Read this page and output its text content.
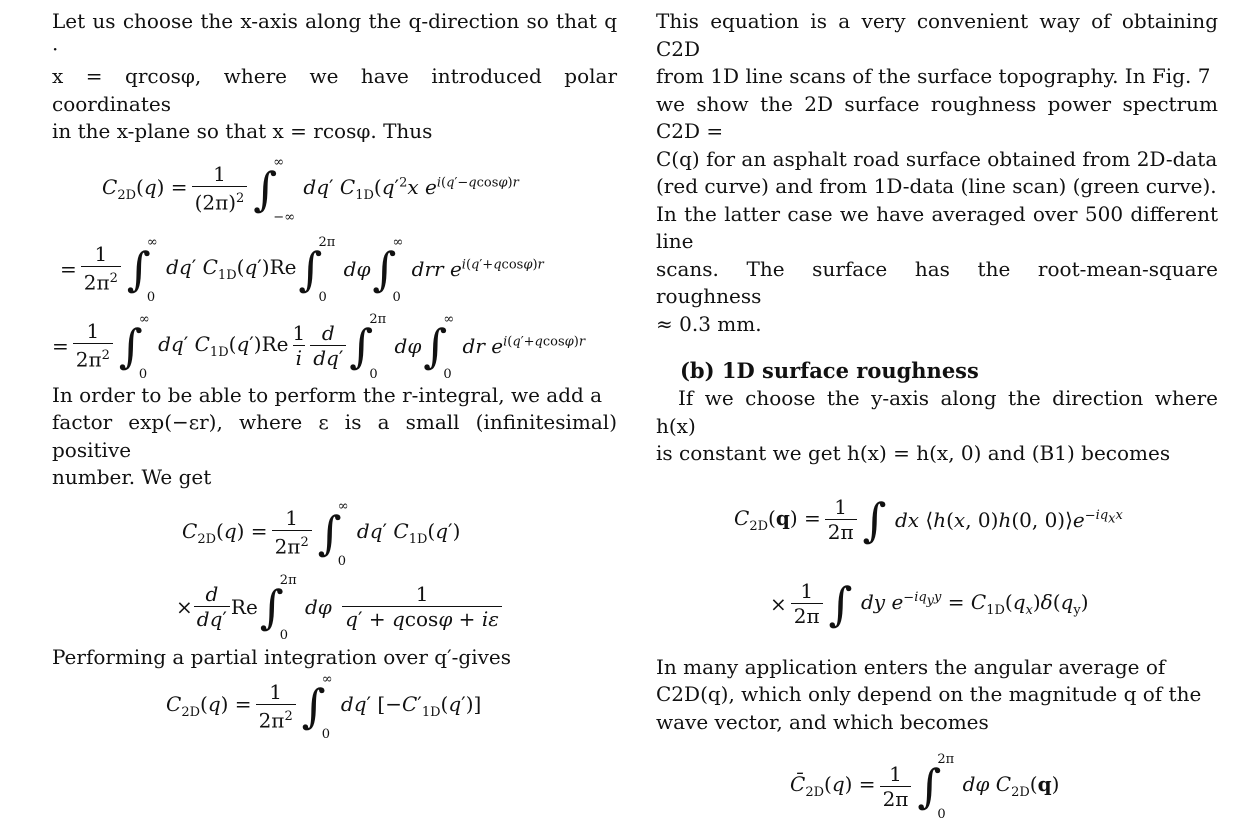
Let us choose the x-axis along the q-direction so that q ·
x = qrcosφ, where we have introduced polar coordinates
in the x-plane so that x = rcosφ. Thus

$C_{2D}(q) = \frac{1}{(2\pi)^2}$ ∫
∞
−∞
dq′ $C_{1D}(q'^2x$ $e^{i(q'-qcos\varphi)r}$
= $\frac{1}{2\pi^2}$ ∫
∞
0
dq′ $C_{1D}(q')Re$ ∫
2π
0
dφ ∫
∞
0
drr $e^{i(q'+qcos\varphi)r}$
= $\frac{1}{2\pi^2}$ ∫
∞
0
dq′ $C_{1D}(q')Re \frac{1}{i} \frac{d}{dq'}$ ∫
2π
0
dφ ∫
∞
0
dr $e^{i(q'+qcos\varphi)r}$

In order to be able to perform the r-integral, we add a
factor exp(−εr), where ε is a small (infinitesimal) positive
number. We get

$C_{2D}(q) = \frac{1}{2\pi^2}$ ∫
∞
0
dq′ $C_{1D}(q')$
× $\frac{d}{dq'}$ Re ∫
2π
0
dφ $\frac{1}{q' + qcos\varphi + i\varepsilon}$

Performing a partial integration over q′-gives

$C_{2D}(q) = \frac{1}{2\pi^2}$ ∫
∞
0
dq′ $[-C'_{1D}(q')]$

This equation is a very convenient way of obtaining C2D
from 1D line scans of the surface topography. In Fig. 7
we show the 2D surface roughness power spectrum C2D =
C(q) for an asphalt road surface obtained from 2D-data
(red curve) and from 1D-data (line scan) (green curve).
In the latter case we have averaged over 500 different line
scans. The surface has the root-mean-square roughness
≈ 0.3 mm.

(b) 1D surface roughness

If we choose the y-axis along the direction where h(x)
is constant we get h(x) = h(x, 0) and (B1) becomes

$C_{2D}(q) = \frac{1}{2\pi}$ ∫ dx ⟨h(x, 0)h(0, $0)⟩e^{-iq_xx}$
× $\frac{1}{2\pi}$ ∫ dy $e^{-iq_yy} = C_{1D}(q_x)\delta(q_y)$

In many application enters the angular average of
C2D(q), which only depend on the magnitude q of the
wave vector, and which becomes

$C̄_{2D}(q) = \frac{1}{2\pi}$ ∫
2π
0
dφ $C_{2D}(q)$
